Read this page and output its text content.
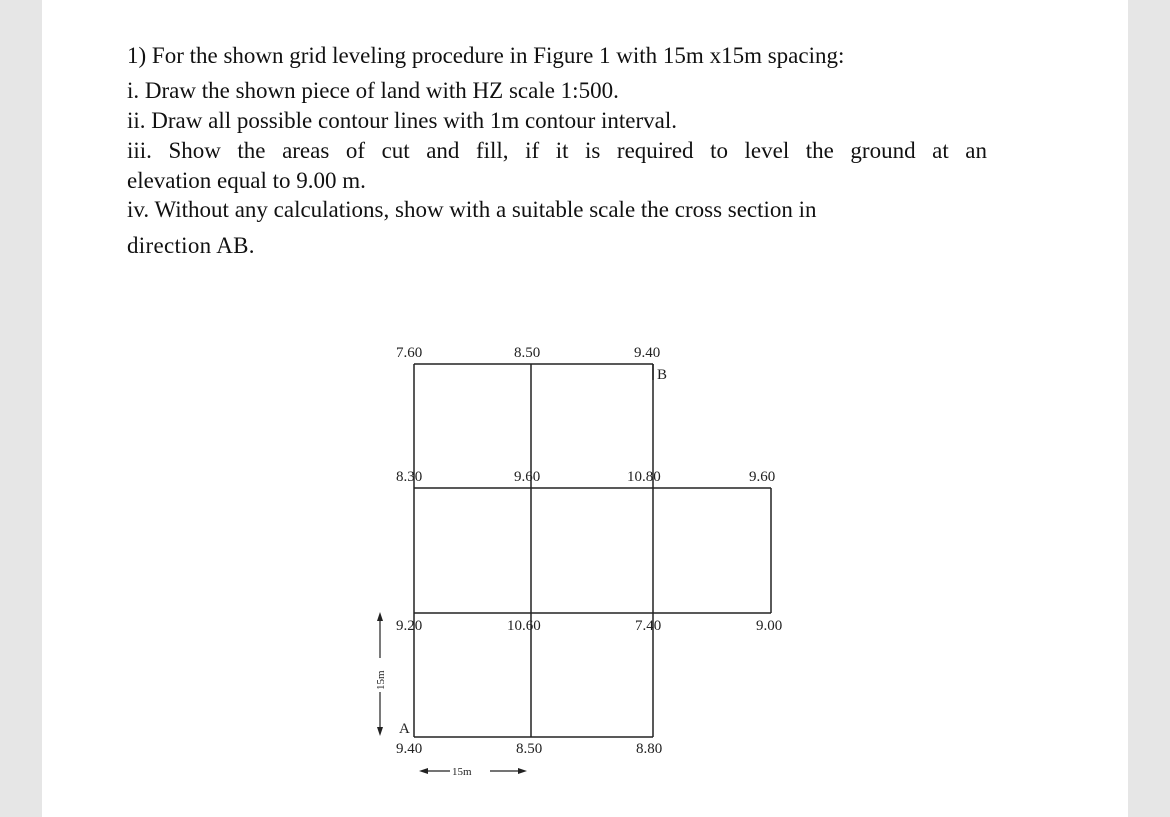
1) For the shown grid leveling procedure in Figure 1 with 15m x15m spacing:

i. Draw the shown piece of land with HZ scale 1:500.

ii. Draw all possible contour lines with 1m contour interval.

iii. Show the areas of cut and fill, if it is required to level the ground at an

elevation equal to 9.00 m.

iv. Without any calculations, show with a suitable scale the cross section in

direction AB.

7.60	8.50	9.40
8.30	9.60	10.80	9.60
9.20	10.60	7.40	9.00
9.40	8.50	8.80
B
A
15m
15m
